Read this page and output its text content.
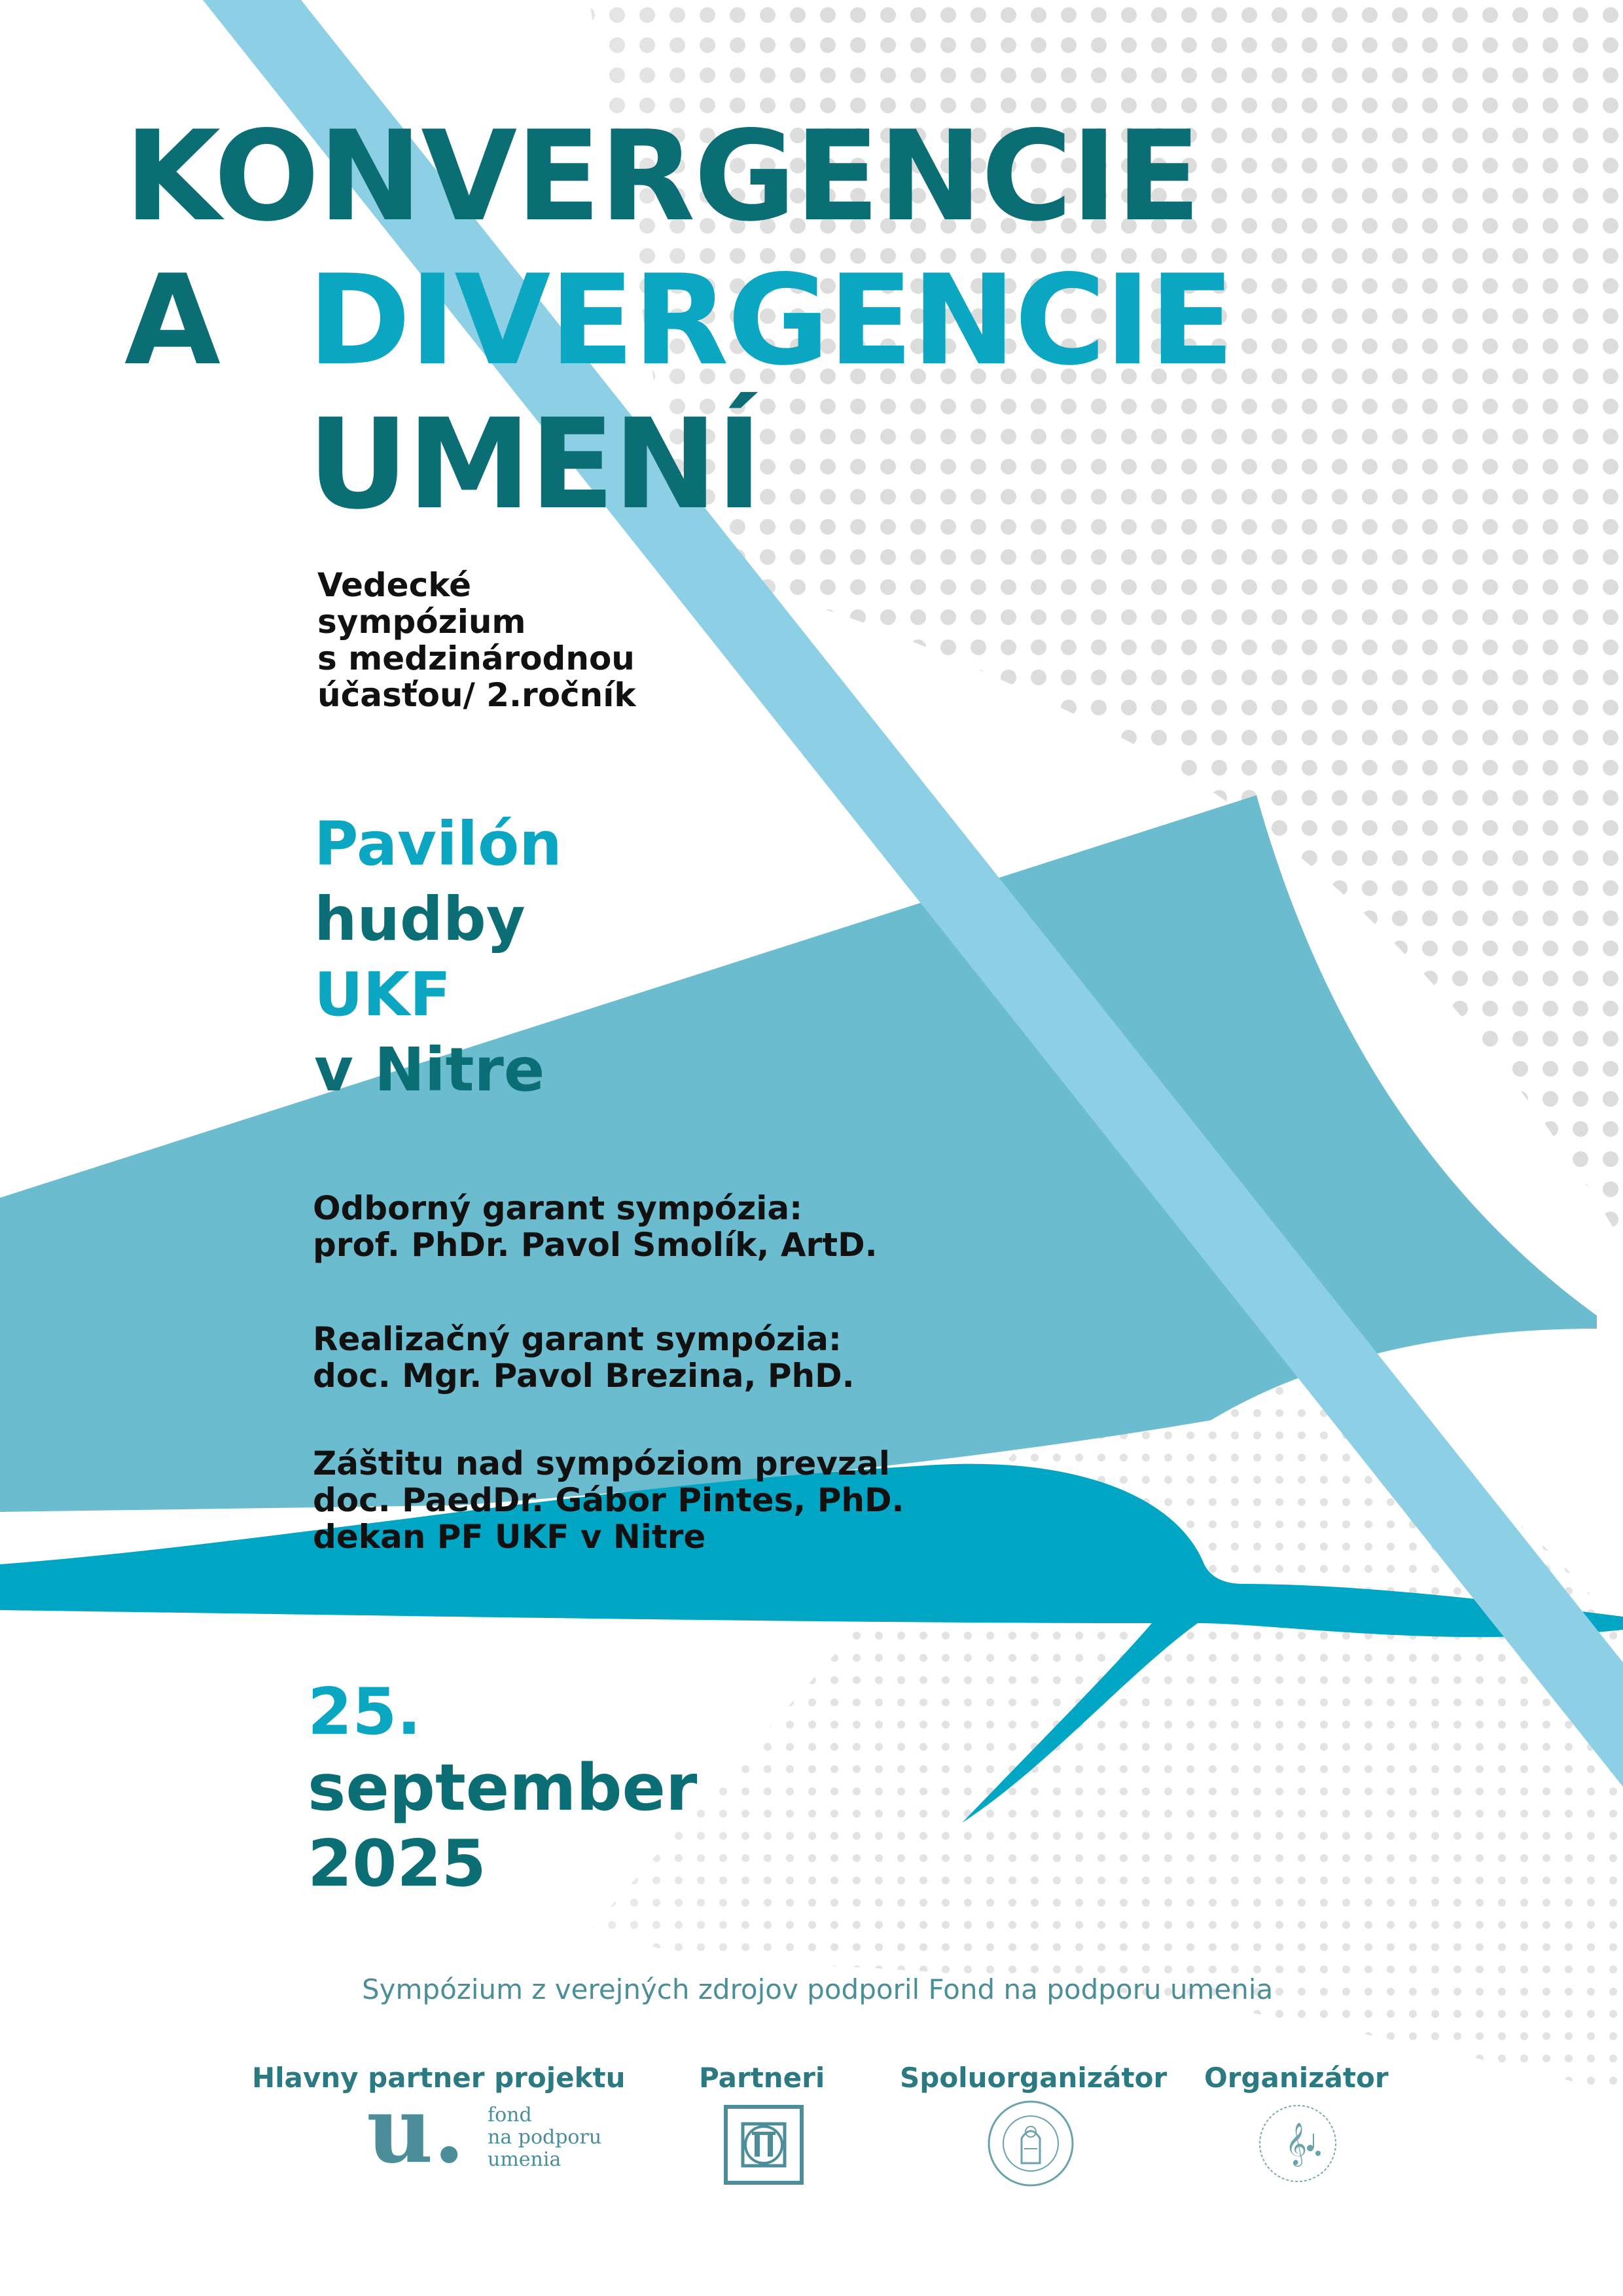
KONVERGENCIE
A DIVERGENCIE
UMENÍ
Vedecké
sympózium
s medzinárodnou
účasťou/ 2.ročník
Pavilón
hudby
UKF
v Nitre
Odborný garant sympózia:
prof. PhDr. Pavol Smolík, ArtD.
Realizačný garant sympózia:
doc. Mgr. Pavol Brezina, PhD.
Záštitu nad sympóziom prevzal
doc. PaedDr. Gábor Pintes, PhD.
dekan PF UKF v Nitre
25.
september
2025
Sympózium z verejných zdrojov podporil Fond na podporu umenia
Hlavny partner projektu	Partneri	Spoluorganizátor Organizátor
u. fond
na podporu
umenia	𝄞
